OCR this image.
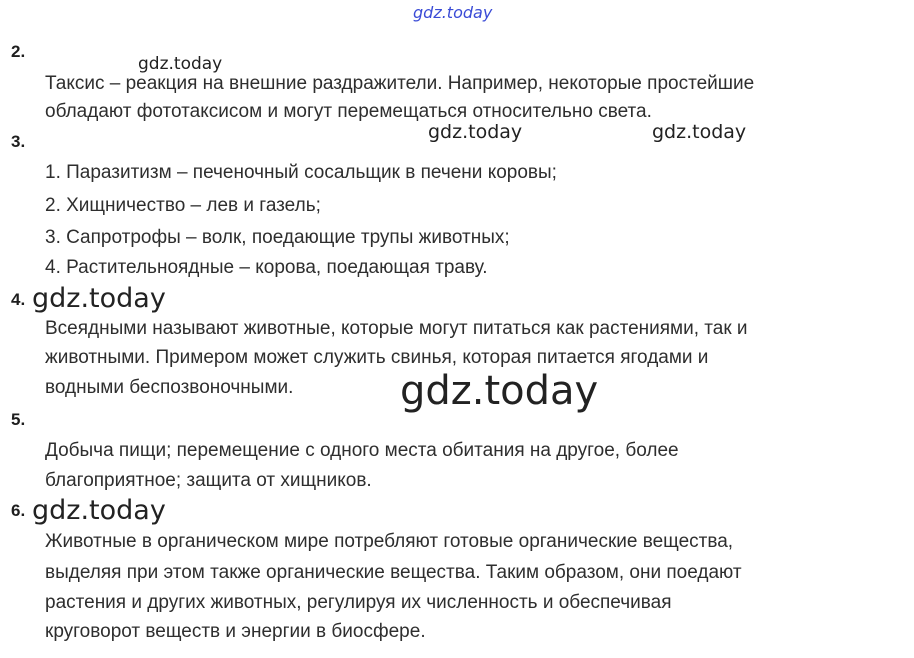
gdz.today
gdz.today
gdz.today	gdz.today
gdz.today
gdz.today
gdz.today
2.
Таксис – реакция на внешние раздражители. Например, некоторые простейшие
обладают фототаксисом и могут перемещаться относительно света.
3.
1. Паразитизм – печеночный сосальщик в печени коровы;
2. Хищничество – лев и газель;
3. Сапротрофы – волк, поедающие трупы животных;
4. Растительноядные – корова, поедающая траву.
4.
Всеядными называют животные, которые могут питаться как растениями, так и
животными. Примером может служить свинья, которая питается ягодами и
водными беспозвоночными.
5.
Добыча пищи; перемещение с одного места обитания на другое, более
благоприятное; защита от хищников.
6.
Животные в органическом мире потребляют готовые органические вещества,
выделяя при этом также органические вещества. Таким образом, они поедают
растения и других животных, регулируя их численность и обеспечивая
круговорот веществ и энергии в биосфере.
